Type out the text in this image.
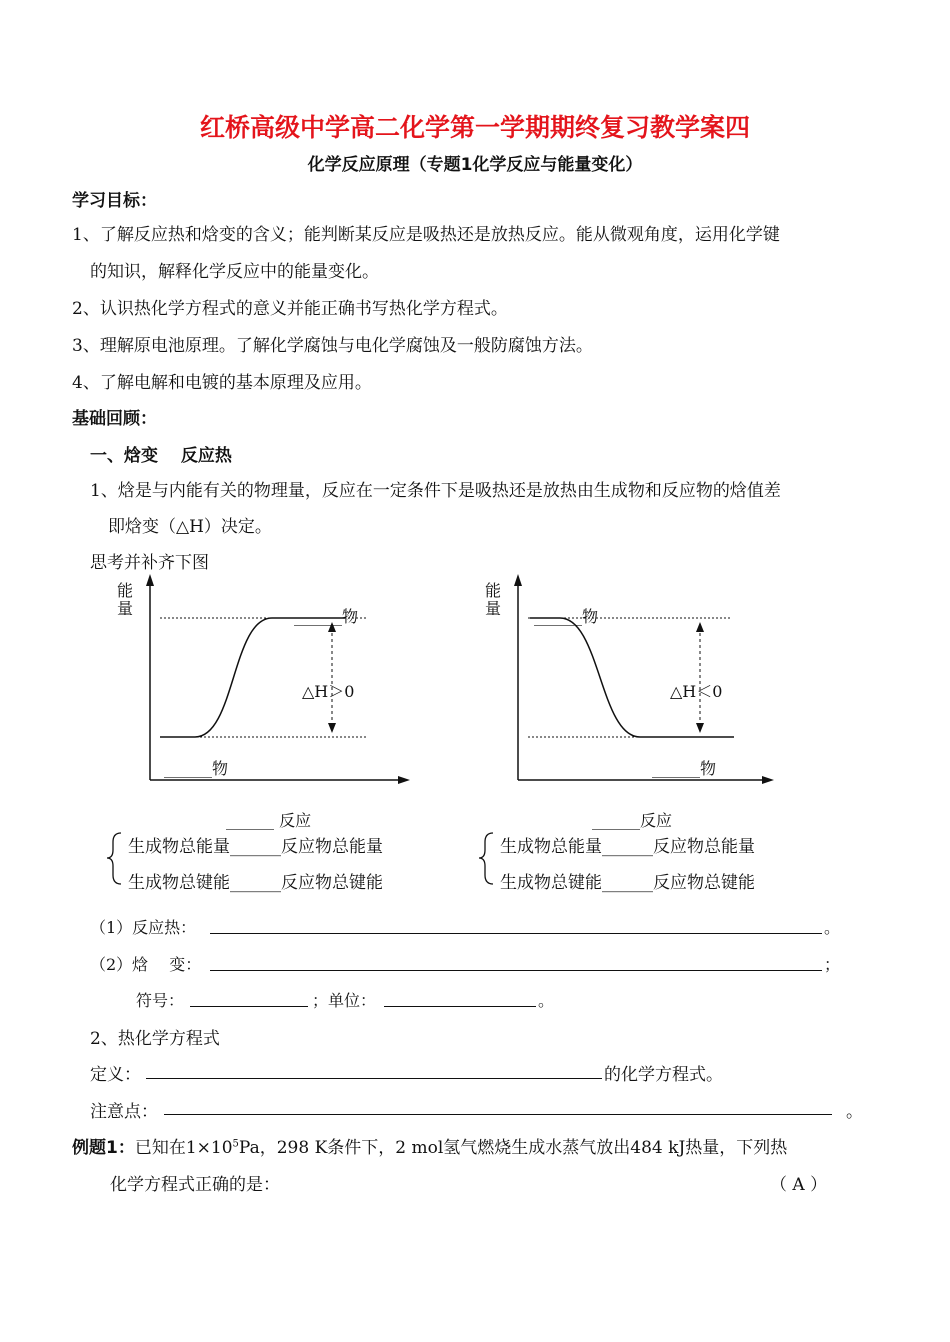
红桥高级中学高二化学第一学期期终复习教学案四
化学反应原理（专题1化学反应与能量变化）
学习目标：
1、了解反应热和焓变的含义；能判断某反应是吸热还是放热反应。能从微观角度，运用化学键
的知识，解释化学反应中的能量变化。
2、认识热化学方程式的意义并能正确书写热化学方程式。
3、理解原电池原理。了解化学腐蚀与电化学腐蚀及一般防腐蚀方法。
4、了解电解和电镀的基本原理及应用。
基础回顾：
一、焓变　 反应热
1、焓是与内能有关的物理量，反应在一定条件下是吸热还是放热由生成物和反应物的焓值差
即焓变（△H）决定。
思考并补齐下图
能
量	______物
△H＞0
______物
能
量 ______物
△H＜0
______物
______ 反应	______反应
生成物总能量______反应物总能量
生成物总键能______反应物总键能
生成物总能量______反应物总能量
生成物总键能______反应物总键能
（1）反应热：	。
（2）焓　 变：	；
符号：	；单位：	。
2、热化学方程式
定义：	的化学方程式。
注意点：	。
例题1：已知在$1\times 10^5Pa$，298 K条件下，2 mol氢气燃烧生成水蒸气放出484 kJ热量，下列热
化学方程式正确的是：	（ A ）
